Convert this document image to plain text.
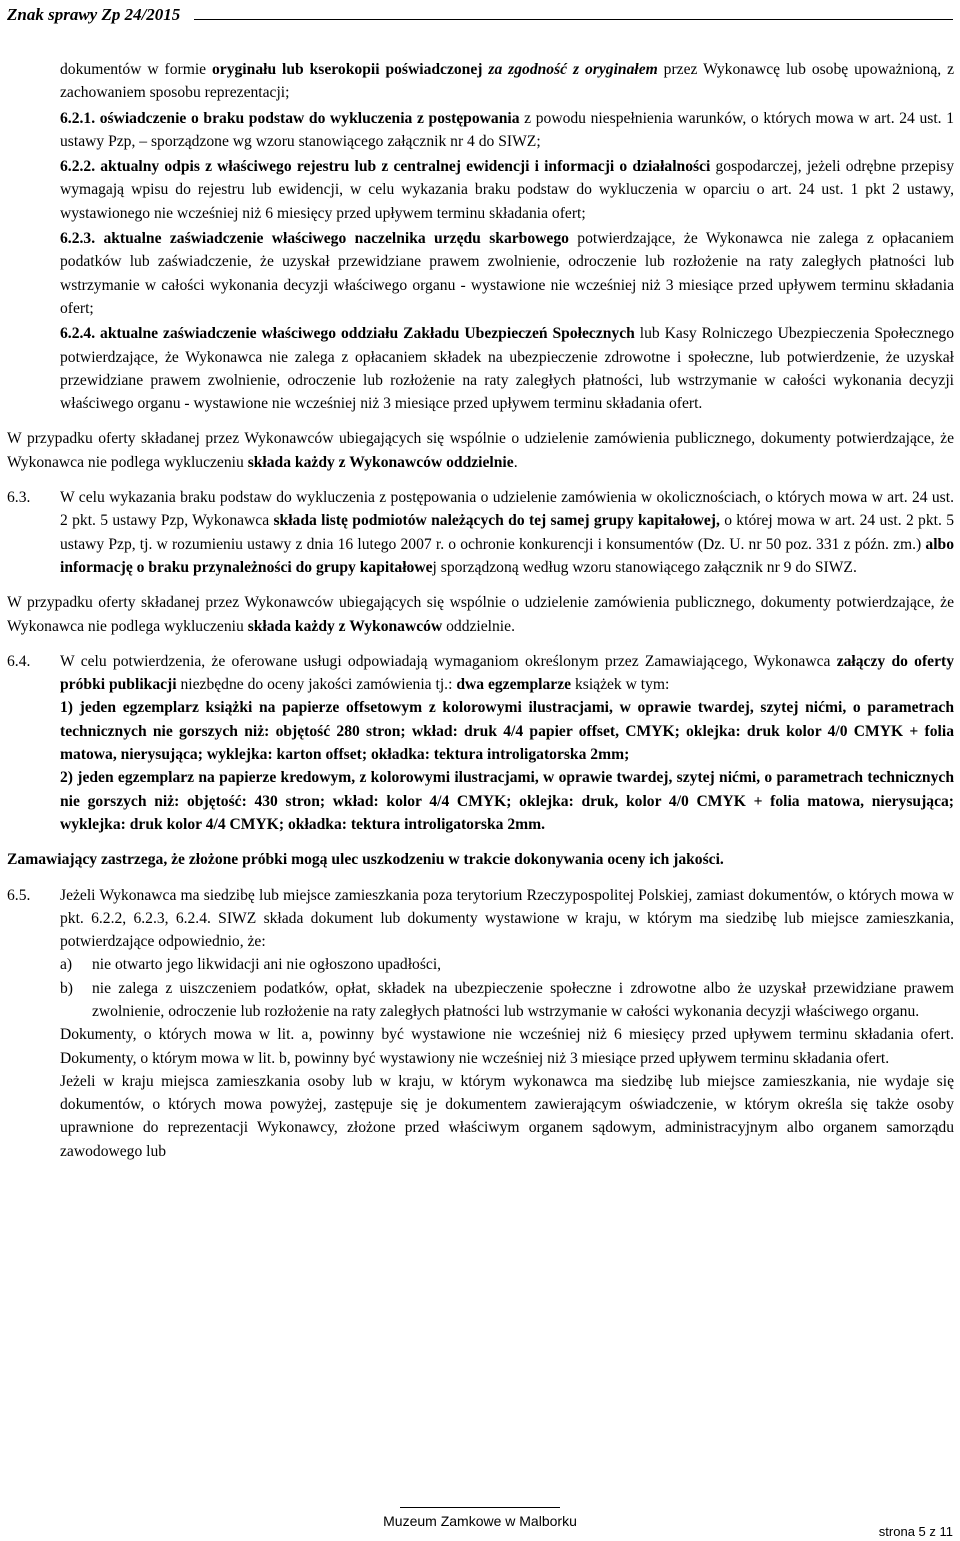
Znak sprawy Zp 24/2015

dokumentów w formie oryginału lub kserokopii poświadczonej za zgodność z oryginałem przez Wykonawcę lub osobę upoważnioną, z zachowaniem sposobu reprezentacji;

6.2.1. oświadczenie o braku podstaw do wykluczenia z postępowania z powodu niespełnienia warunków, o których mowa w art. 24 ust. 1 ustawy Pzp, – sporządzone wg wzoru stanowiącego załącznik nr 4 do SIWZ;

6.2.2. aktualny odpis z właściwego rejestru lub z centralnej ewidencji i informacji o działalności gospodarczej, jeżeli odrębne przepisy wymagają wpisu do rejestru lub ewidencji, w celu wykazania braku podstaw do wykluczenia w oparciu o art. 24 ust. 1 pkt 2 ustawy, wystawionego nie wcześniej niż 6 miesięcy przed upływem terminu składania ofert;

6.2.3. aktualne zaświadczenie właściwego naczelnika urzędu skarbowego potwierdzające, że Wykonawca nie zalega z opłacaniem podatków lub zaświadczenie, że uzyskał przewidziane prawem zwolnienie, odroczenie lub rozłożenie na raty zaległych płatności lub wstrzymanie w całości wykonania decyzji właściwego organu - wystawione nie wcześniej niż 3 miesiące przed upływem terminu składania ofert;

6.2.4. aktualne zaświadczenie właściwego oddziału Zakładu Ubezpieczeń Społecznych lub Kasy Rolniczego Ubezpieczenia Społecznego potwierdzające, że Wykonawca nie zalega z opłacaniem składek na ubezpieczenie zdrowotne i społeczne, lub potwierdzenie, że uzyskał przewidziane prawem zwolnienie, odroczenie lub rozłożenie na raty zaległych płatności, lub wstrzymanie w całości wykonania decyzji właściwego organu - wystawione nie wcześniej niż 3 miesiące przed upływem terminu składania ofert.

W przypadku oferty składanej przez Wykonawców ubiegających się wspólnie o udzielenie zamówienia publicznego, dokumenty potwierdzające, że Wykonawca nie podlega wykluczeniu składa każdy z Wykonawców oddzielnie.

6.3. W celu wykazania braku podstaw do wykluczenia z postępowania o udzielenie zamówienia w okolicznościach, o których mowa w art. 24 ust. 2 pkt. 5 ustawy Pzp, Wykonawca składa listę podmiotów należących do tej samej grupy kapitałowej, o której mowa w art. 24 ust. 2 pkt. 5 ustawy Pzp, tj. w rozumieniu ustawy z dnia 16 lutego 2007 r. o ochronie konkurencji i konsumentów (Dz. U. nr 50 poz. 331 z późn. zm.) albo informację o braku przynależności do grupy kapitałowej sporządzoną według wzoru stanowiącego załącznik nr 9 do SIWZ.

W przypadku oferty składanej przez Wykonawców ubiegających się wspólnie o udzielenie zamówienia publicznego, dokumenty potwierdzające, że Wykonawca nie podlega wykluczeniu składa każdy z Wykonawców oddzielnie.

6.4. W celu potwierdzenia, że oferowane usługi odpowiadają wymaganiom określonym przez Zamawiającego, Wykonawca załączy do oferty próbki publikacji niezbędne do oceny jakości zamówienia tj.: dwa egzemplarze książek w tym:

1) jeden egzemplarz książki na papierze offsetowym z kolorowymi ilustracjami, w oprawie twardej, szytej nićmi, o parametrach technicznych nie gorszych niż: objętość 280 stron; wkład: druk 4/4 papier offset, CMYK; oklejka: druk kolor 4/0 CMYK + folia matowa, nierysująca; wyklejka: karton offset; okładka: tektura introligatorska 2mm;

2) jeden egzemplarz na papierze kredowym, z kolorowymi ilustracjami, w oprawie twardej, szytej nićmi, o parametrach technicznych nie gorszych niż: objętość: 430 stron; wkład: kolor 4/4 CMYK; oklejka: druk, kolor 4/0 CMYK + folia matowa, nierysująca; wyklejka: druk kolor 4/4 CMYK; okładka: tektura introligatorska 2mm.

Zamawiający zastrzega, że złożone próbki mogą ulec uszkodzeniu w trakcie dokonywania oceny ich jakości.

6.5. Jeżeli Wykonawca ma siedzibę lub miejsce zamieszkania poza terytorium Rzeczypospolitej Polskiej, zamiast dokumentów, o których mowa w pkt. 6.2.2, 6.2.3, 6.2.4. SIWZ składa dokument lub dokumenty wystawione w kraju, w którym ma siedzibę lub miejsce zamieszkania, potwierdzające odpowiednio, że:
a) nie otwarto jego likwidacji ani nie ogłoszono upadłości,
b) nie zalega z uiszczeniem podatków, opłat, składek na ubezpieczenie społeczne i zdrowotne albo że uzyskał przewidziane prawem zwolnienie, odroczenie lub rozłożenie na raty zaległych płatności lub wstrzymanie w całości wykonania decyzji właściwego organu.

Dokumenty, o których mowa w lit. a, powinny być wystawione nie wcześniej niż 6 miesięcy przed upływem terminu składania ofert. Dokumenty, o którym mowa w lit. b, powinny być wystawiony nie wcześniej niż 3 miesiące przed upływem terminu składania ofert.

Jeżeli w kraju miejsca zamieszkania osoby lub w kraju, w którym wykonawca ma siedzibę lub miejsce zamieszkania, nie wydaje się dokumentów, o których mowa powyżej, zastępuje się je dokumentem zawierającym oświadczenie, w którym określa się także osoby uprawnione do reprezentacji Wykonawcy, złożone przed właściwym organem sądowym, administracyjnym albo organem samorządu zawodowego lub

Muzeum Zamkowe w Malborku
strona 5 z 11
